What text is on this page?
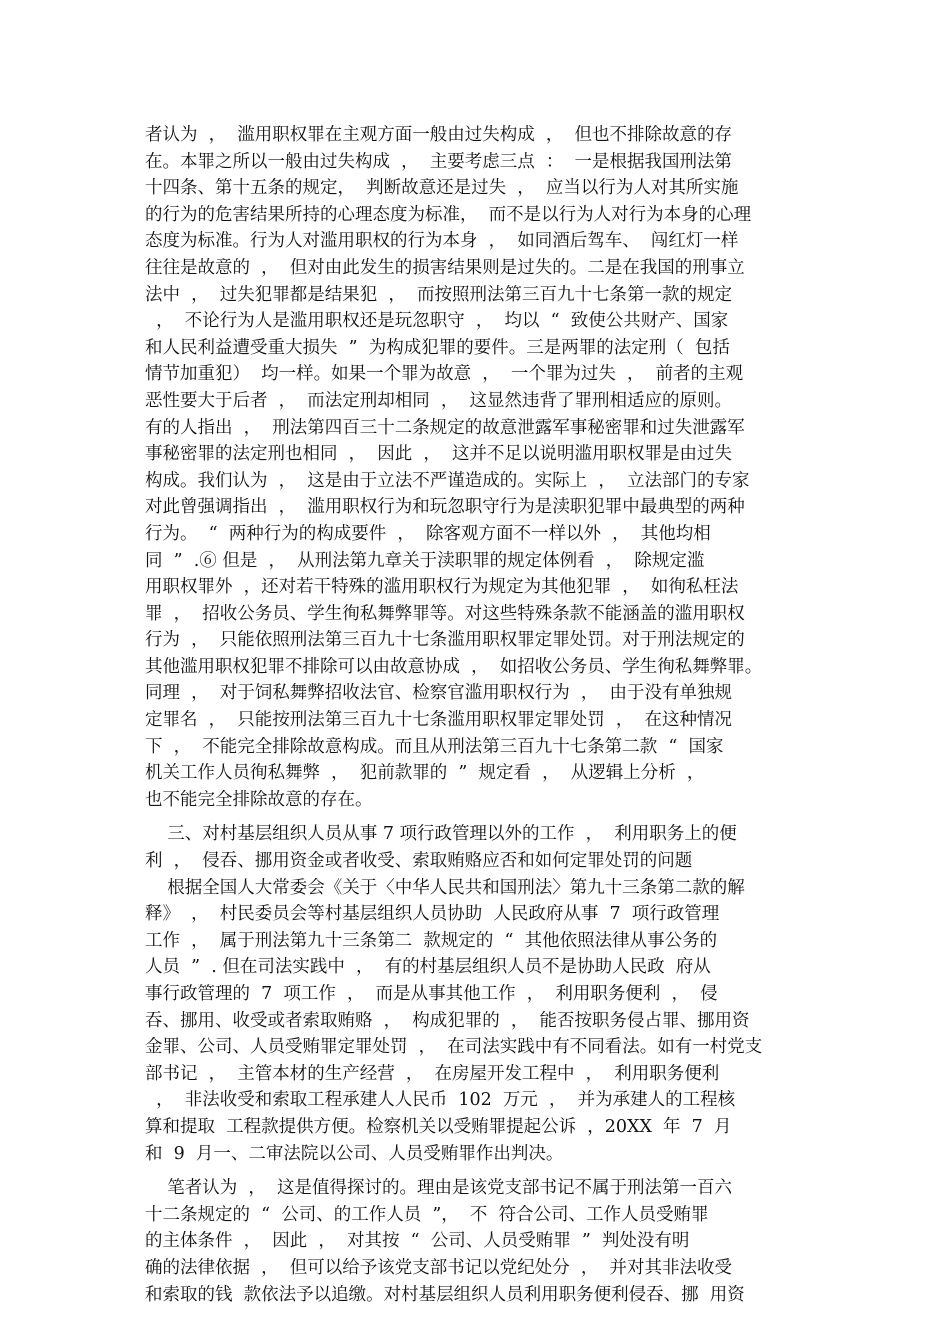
者认为  ，  滥用职权罪在主观方面一般由过失构成  ，  但也不排除故意的存
在。本罪之所以一般由过失构成  ，  主要考虑三点  ：  一是根据我国刑法第
十四条、第十五条的规定，  判断故意还是过失  ，  应当以行为人对其所实施
的行为的危害结果所持的心理态度为标准，  而不是以行为人对行为本身的心理
态度为标准。行为人对滥用职权的行为本身  ，  如同酒后驾车、  闯红灯一样
往往是故意的  ，  但对由此发生的损害结果则是过失的。二是在我国的刑事立
法中  ，  过失犯罪都是结果犯  ，  而按照刑法第三百九十七条第一款的规定
，  不论行为人是滥用职权还是玩忽职守  ，  均以  “  致使公共财产、国家
和人民利益遭受重大损失  ”  为构成犯罪的要件。三是两罪的法定刑（  包括
情节加重犯）  均一样。如果一个罪为故意  ，  一个罪为过失  ，  前者的主观
恶性要大于后者  ，  而法定刑却相同  ，  这显然违背了罪刑相适应的原则。
有的人指出  ，  刑法第四百三十二条规定的故意泄露军事秘密罪和过失泄露军
事秘密罪的法定刑也相同  ，  因此  ，  这并不足以说明滥用职权罪是由过失
构成。我们认为  ，  这是由于立法不严谨造成的。实际上  ，  立法部门的专家
对此曾强调指出  ，  滥用职权行为和玩忽职守行为是渎职犯罪中最典型的两种
行为。  “  两种行为的构成要件  ，  除客观方面不一样以外  ，  其他均相
同  ”  .⑥ 但是  ，  从刑法第九章关于渎职罪的规定体例看  ，  除规定滥
用职权罪外  ，还对若干特殊的滥用职权行为规定为其他犯罪  ，  如徇私枉法
罪  ，  招收公务员、学生徇私舞弊罪等。对这些特殊条款不能涵盖的滥用职权
行为  ，  只能依照刑法第三百九十七条滥用职权罪定罪处罚。对于刑法规定的
其他滥用职权犯罪不排除可以由故意协成  ，  如招收公务员、学生徇私舞弊罪。
同理  ，  对于饲私舞弊招收法官、检察官滥用职权行为  ，  由于没有单独规
定罪名  ，  只能按刑法第三百九十七条滥用职权罪定罪处罚  ，  在这种情况
下  ，  不能完全排除故意构成。而且从刑法第三百九十七条第二款  “  国家
机关工作人员徇私舞弊  ，  犯前款罪的  ”  规定看  ，  从逻辑上分析  ，
也不能完全排除故意的存在。
三、对村基层组织人员从事 7 项行政管理以外的工作  ，  利用职务上的便
利  ，  侵吞、挪用资金或者收受、索取贿赂应否和如何定罪处罚的问题
根据全国人大常委会《关于〈中华人民共和国刑法〉第九十三条第二款的解
释》  ，  村民委员会等村基层组织人员协助  人民政府从事  7  项行政管理
工作  ，  属于刑法第九十三条第二  款规定的  “  其他依照法律从事公务的
人员  ”  . 但在司法实践中  ，  有的村基层组织人员不是协助人民政  府从
事行政管理的  7  项工作  ，  而是从事其他工作  ，  利用职务便利  ，  侵
吞、挪用、收受或者索取贿赂  ，  构成犯罪的  ，  能否按职务侵占罪、挪用资
金罪、公司、人员受贿罪定罪处罚  ，  在司法实践中有不同看法。如有一村党支
部书记  ，  主管本材的生产经营  ，  在房屋开发工程中  ，  利用职务便利
，  非法收受和索取工程承建人人民币  102  万元  ，  并为承建人的工程核
算和提取  工程款提供方便。检察机关以受贿罪提起公诉  ，20XX  年  7  月
和  9  月一、二审法院以公司、人员受贿罪作出判决。
笔者认为  ，  这是值得探讨的。理由是该党支部书记不属于刑法第一百六
十二条规定的  “  公司、的工作人员  ”，  不  符合公司、工作人员受贿罪
的主体条件  ，  因此  ，  对其按  “  公司、人员受贿罪  ”  判处没有明
确的法律依据  ，  但可以给予该党支部书记以党纪处分  ，  并对其非法收受
和索取的钱  款依法予以追缴。对村基层组织人员利用职务便利侵吞、挪  用资
